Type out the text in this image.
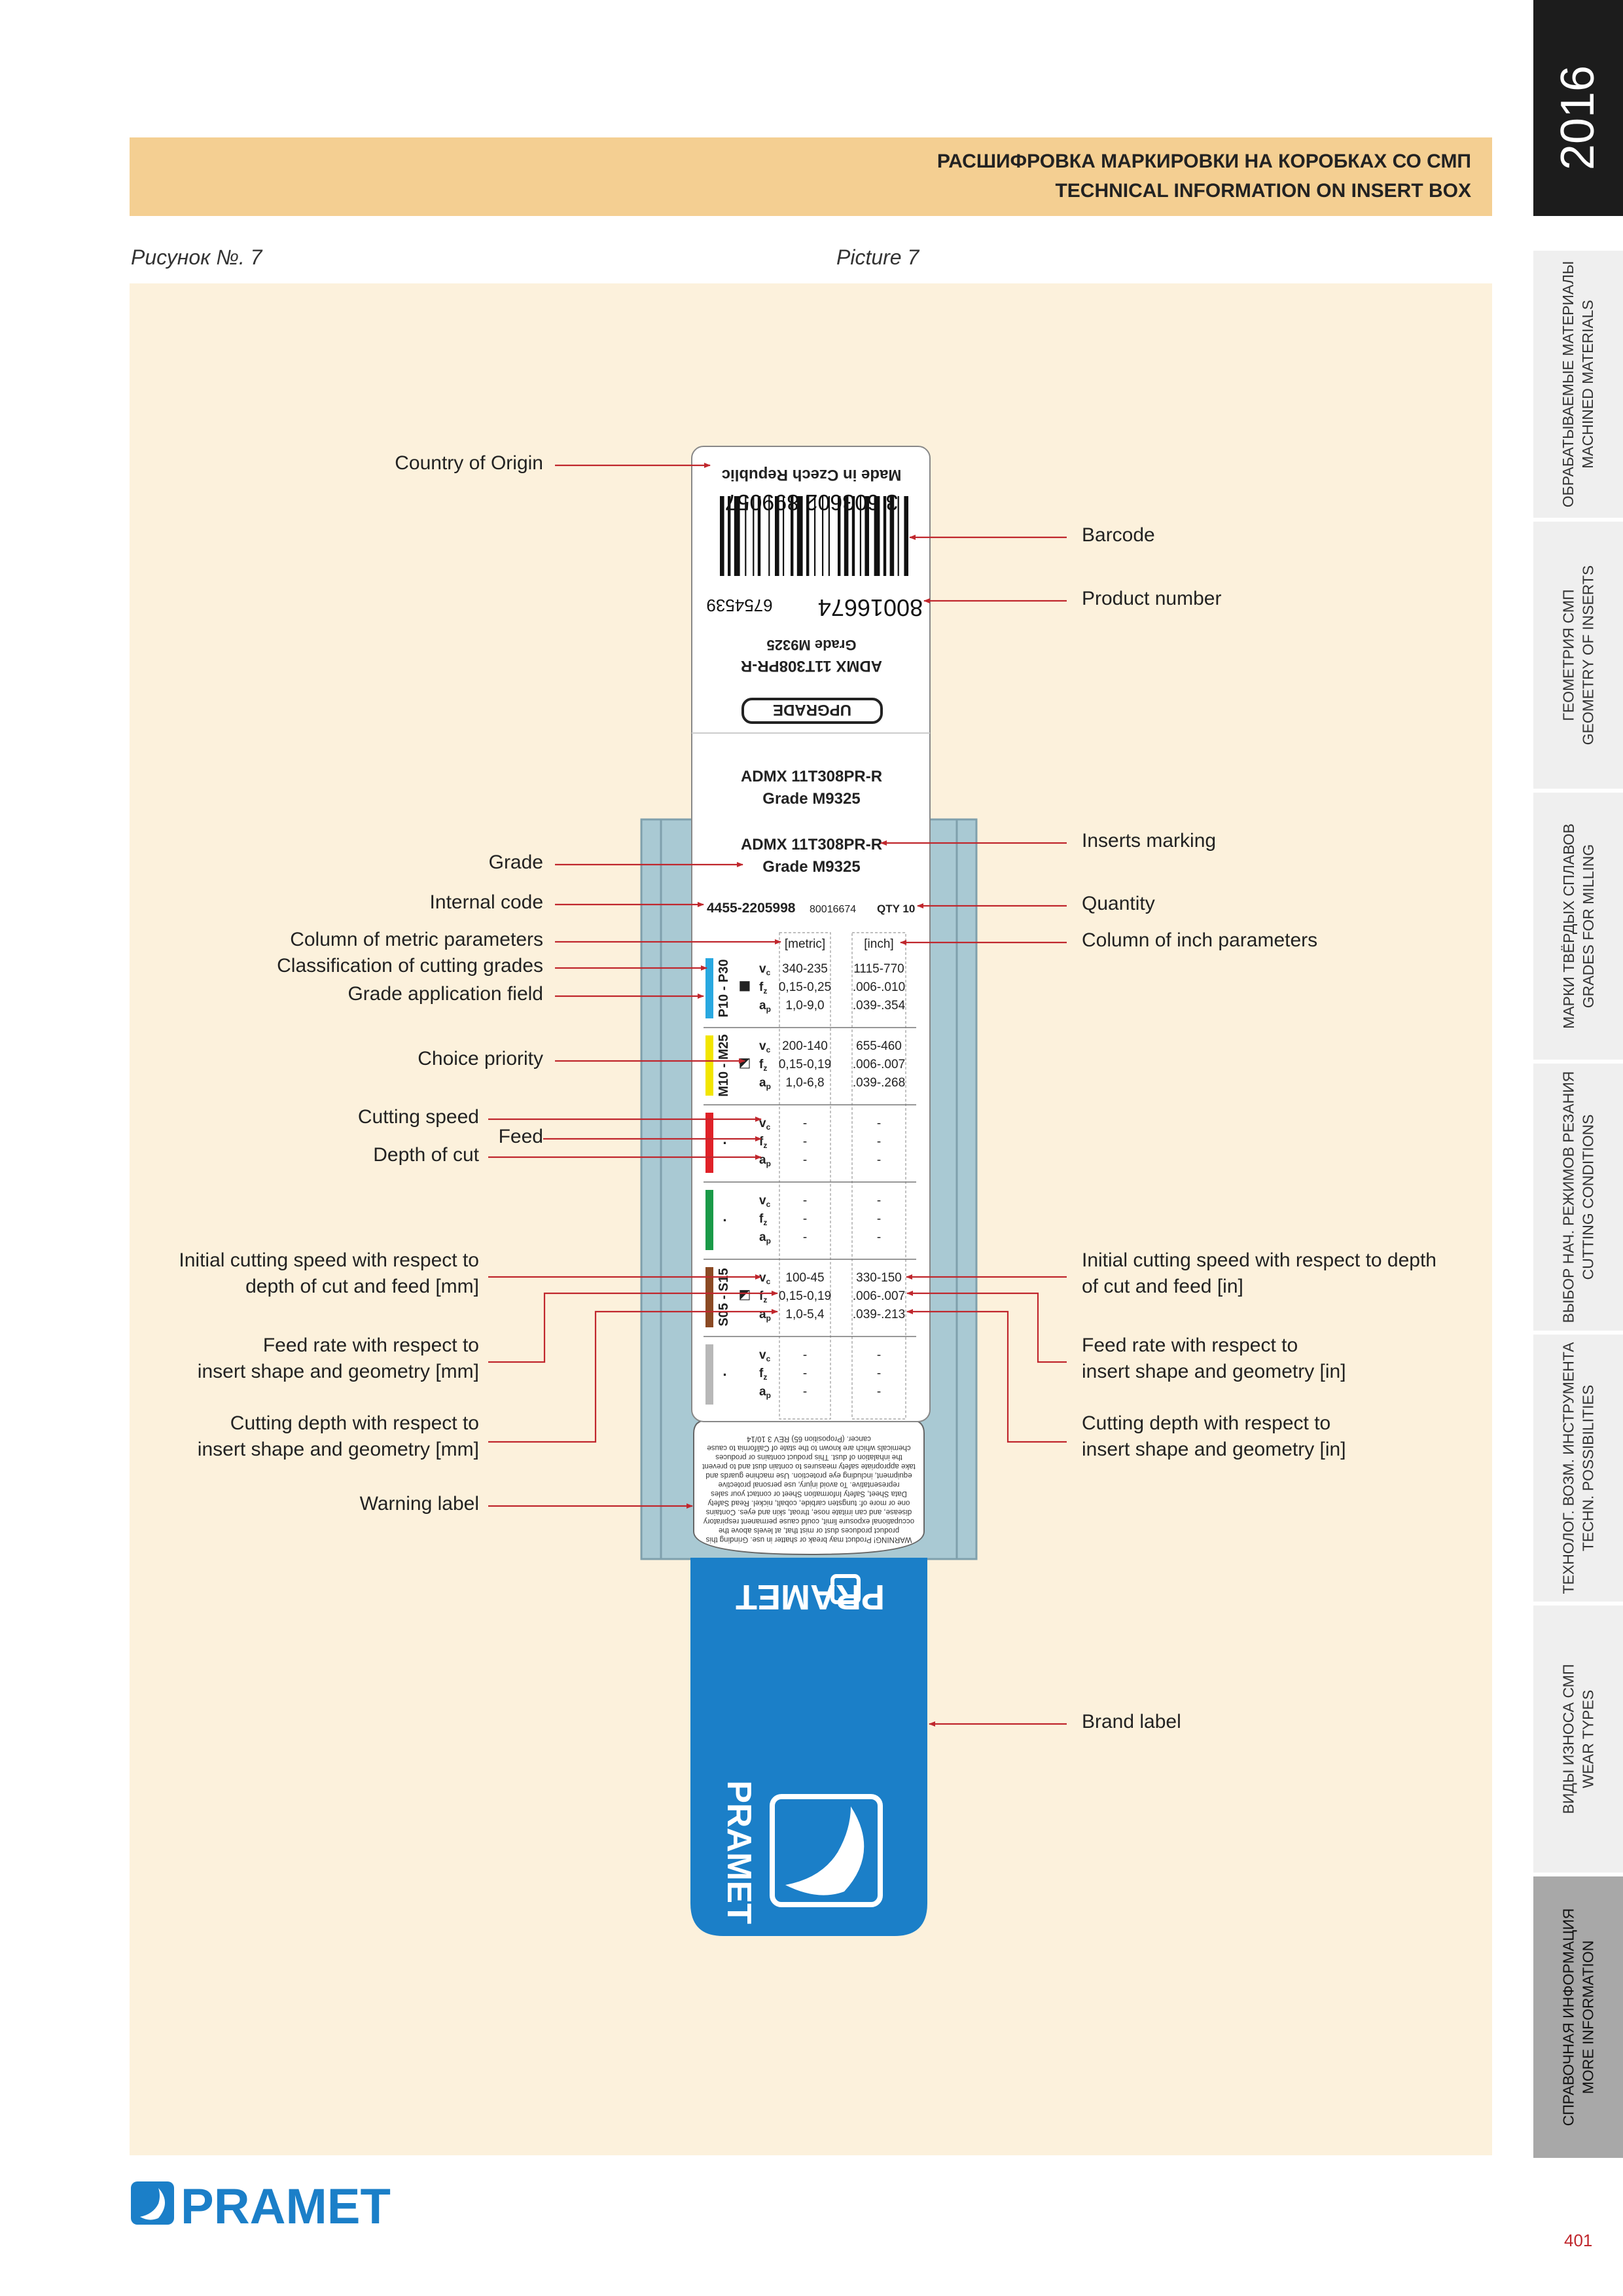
РАСШИФРОВКА МАРКИРОВКИ НА КОРОБКАХ СО СМП
TECHNICAL INFORMATION ON INSERT BOX
2016
ОБРАБАТЫВАЕМЫЕ МАТЕРИАЛЫ MACHINED MATERIALS
ГЕОМЕТРИЯ СМП GEOMETRY OF INSERTS
МАРКИ ТВЁРДЫХ СПЛАВОВ GRADES FOR MILLING
ВЫБОР НАЧ. РЕЖИМОВ РЕЗАНИЯ CUTTING CONDITIONS
ТЕХНОЛОГ. ВОЗМ. ИНСТРУМЕНТА TECHN. POSSIBILITIES
ВИДЫ ИЗНОСА СМП WEAR TYPES
СПРАВОЧНАЯ ИНФОРМАЦИЯ MORE INFORMATION
Рисунок №. 7	Picture 7
PRAMET
PRAMET
WARNING! Product may break or shatter in use. Grinding this
product produces dust or mist that, at levels above the
occupational exposure limit, could cause permanent respiratory
disease, and can irritate nose, throat, skin and eyes. Contains
one or more of: tungsten carbide, cobalt, nickel. Read Safety
Data Sheet, Safety Information Sheet or contact your sales
representative. To avoid injury, use personal protective
equipment, including eye protection. Use machine guards and
take appropriate safety measures to contain dust and to prevent
the inhalation of dust. This product contains or produces
chemicals which are known to the state of California to cause
cancer. (Proposition 65) REV 3 10/14
Made in Czech Republic
3 603602 899057
80016674
6754539
ADMX 11T308PR-R
Grade M9325
UPGRADE
ADMX 11T308PR-R
Grade M9325
ADMX 11T308PR-R
Grade M9325
4455-2205998 80016674 QTY 10
[metric]	[inch]
P10 - P30 ■
$v_c$ 340-235 1115-770
$f_z$ 0,15-0,25 .006-.010
$a_p$ 1,0-9,0 .039-.354
M10 - M25 ◩
$v_c$ 200-140 655-460
$f_z$ 0,15-0,19 .006-.007
$a_p$ 1,0-6,8 .039-.268
·
$v_c$	-	-
$f_z$	-	-
$a_p$	-	-
·
$v_c$	-	-
$f_z$	-	-
$a_p$	-	-
S05 - S15 ◩
$v_c$ 100-45	330-150
$f_z$ 0,15-0,19 .006-.007
$a_p$ 1,0-5,4 .039-.213
·
$v_c$	-	-
$f_z$	-	-
$a_p$	-	-
Country of Origin
Grade
Internal code
Column of metric parameters
Classification of cutting grades
Grade application field
Choice priority
Cutting speed
Feed
Depth of cut
Initial cutting speed with respect to
depth of cut and feed [mm]
Feed rate with respect to
insert shape and geometry [mm]
Cutting depth with respect to
insert shape and geometry [mm]
Warning label
Barcode
Product number
Inserts marking
Quantity
Column of inch parameters
Initial cutting speed with respect to depth
of cut and feed [in]
Feed rate with respect to
insert shape and geometry [in]
Cutting depth with respect to
insert shape and geometry [in]
Brand label
PRAMET
401
